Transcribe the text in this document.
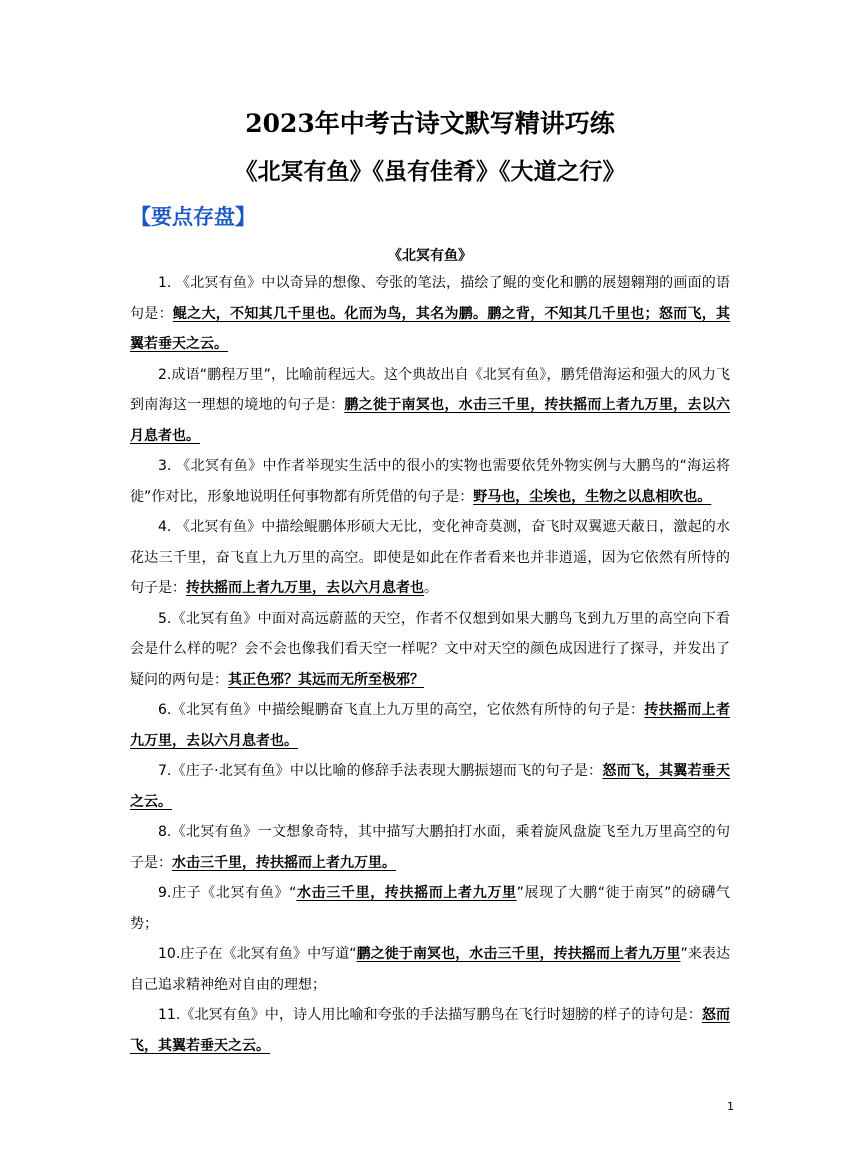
2023年中考古诗文默写精讲巧练
《北冥有鱼》《虽有佳肴》《大道之行》
【要点存盘】
《北冥有鱼》

1. 《北冥有鱼》中以奇异的想像、夸张的笔法，描绘了鲲的变化和鹏的展翅翱翔的画面的语句是：鲲之大，不知其几千里也。化而为鸟，其名为鹏。鹏之背，不知其几千里也；怒而飞，其翼若垂天之云。

2.成语“鹏程万里”，比喻前程远大。这个典故出自《北冥有鱼》，鹏凭借海运和强大的风力飞到南海这一理想的境地的句子是：鹏之徙于南冥也，水击三千里，抟扶摇而上者九万里，去以六月息者也。

3. 《北冥有鱼》中作者举现实生活中的很小的实物也需要依凭外物实例与大鹏鸟的“海运将徙”作对比，形象地说明任何事物都有所凭借的句子是：野马也，尘埃也，生物之以息相吹也。

4. 《北冥有鱼》中描绘鲲鹏体形硕大无比，变化神奇莫测，奋飞时双翼遮天蔽日，激起的水花达三千里，奋飞直上九万里的高空。即使是如此在作者看来也并非逍遥，因为它依然有所恃的句子是：抟扶摇而上者九万里，去以六月息者也。

5.《北冥有鱼》中面对高远蔚蓝的天空，作者不仅想到如果大鹏鸟飞到九万里的高空向下看会是什么样的呢？会不会也像我们看天空一样呢？文中对天空的颜色成因进行了探寻，并发出了疑问的两句是：其正色邪？其远而无所至极邪？

6.《北冥有鱼》中描绘鲲鹏奋飞直上九万里的高空，它依然有所恃的句子是：抟扶摇而上者九万里，去以六月息者也。

7.《庄子·北冥有鱼》中以比喻的修辞手法表现大鹏振翅而飞的句子是：怒而飞，其翼若垂天之云。

8.《北冥有鱼》一文想象奇特，其中描写大鹏拍打水面，乘着旋风盘旋飞至九万里高空的句子是：水击三千里，抟扶摇而上者九万里。

9.庄子《北冥有鱼》“水击三千里，抟扶摇而上者九万里”展现了大鹏“徙于南冥”的磅礴气势；

10.庄子在《北冥有鱼》中写道“鹏之徙于南冥也，水击三千里，抟扶摇而上者九万里”来表达自己追求精神绝对自由的理想；

11.《北冥有鱼》中，诗人用比喻和夸张的手法描写鹏鸟在飞行时翅膀的样子的诗句是：怒而飞，其翼若垂天之云。

1
